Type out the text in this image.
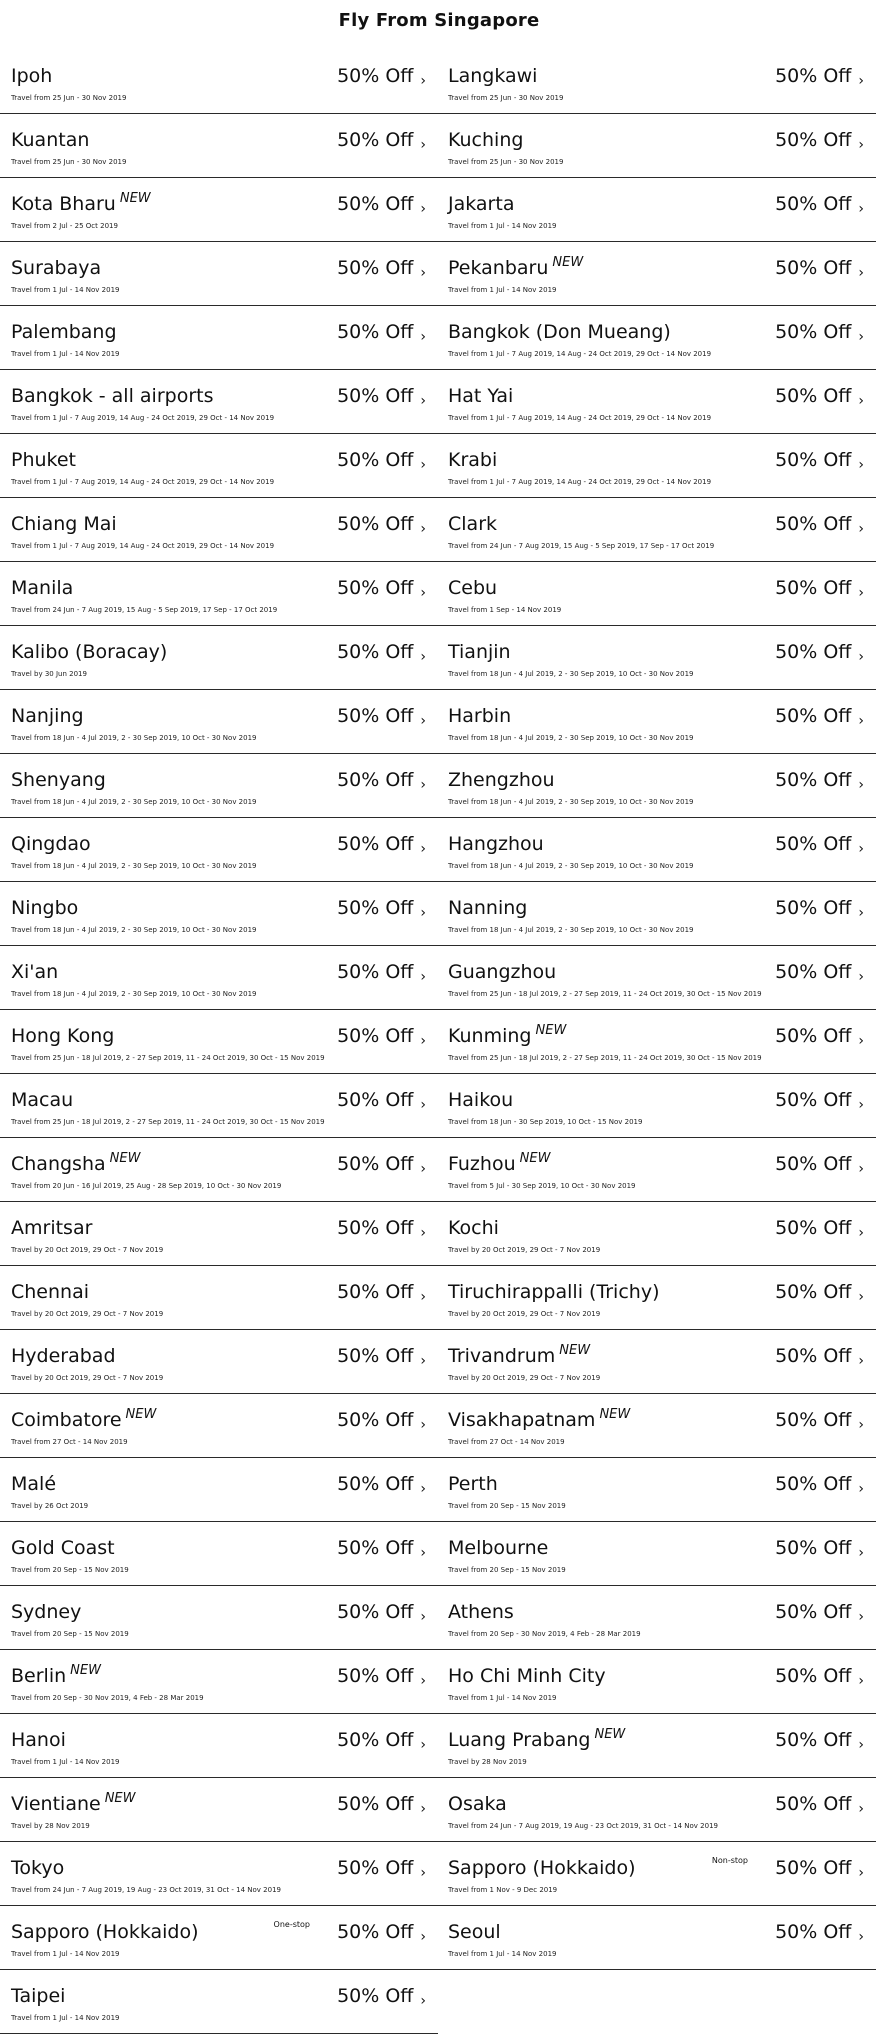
Fly From Singapore
Ipoh
Travel from 25 Jun - 30 Nov 2019
50% Off › Langkawi
Travel from 25 Jun - 30 Nov 2019
50% Off ›
Kuantan
Travel from 25 Jun - 30 Nov 2019
50% Off › Kuching
Travel from 25 Jun - 30 Nov 2019
50% Off ›
Kota Bharu $^{NEW}$
Travel from 2 Jul - 25 Oct 2019
50% Off › Jakarta
Travel from 1 Jul - 14 Nov 2019
50% Off ›
Surabaya
Travel from 1 Jul - 14 Nov 2019
50% Off › Pekanbaru $^{NEW}$
Travel from 1 Jul - 14 Nov 2019
50% Off ›
Palembang
Travel from 1 Jul - 14 Nov 2019
50% Off › Bangkok (Don Mueang)
Travel from 1 Jul - 7 Aug 2019, 14 Aug - 24 Oct 2019, 29 Oct - 14 Nov 2019
50% Off ›
Bangkok - all airports
Travel from 1 Jul - 7 Aug 2019, 14 Aug - 24 Oct 2019, 29 Oct - 14 Nov 2019
50% Off › Hat Yai
Travel from 1 Jul - 7 Aug 2019, 14 Aug - 24 Oct 2019, 29 Oct - 14 Nov 2019
50% Off ›
Phuket
Travel from 1 Jul - 7 Aug 2019, 14 Aug - 24 Oct 2019, 29 Oct - 14 Nov 2019
50% Off › Krabi
Travel from 1 Jul - 7 Aug 2019, 14 Aug - 24 Oct 2019, 29 Oct - 14 Nov 2019
50% Off ›
Chiang Mai
Travel from 1 Jul - 7 Aug 2019, 14 Aug - 24 Oct 2019, 29 Oct - 14 Nov 2019
50% Off › Clark
Travel from 24 Jun - 7 Aug 2019, 15 Aug - 5 Sep 2019, 17 Sep - 17 Oct 2019
50% Off ›
Manila
Travel from 24 Jun - 7 Aug 2019, 15 Aug - 5 Sep 2019, 17 Sep - 17 Oct 2019
50% Off › Cebu
Travel from 1 Sep - 14 Nov 2019
50% Off ›
Kalibo (Boracay)
Travel by 30 Jun 2019
50% Off › Tianjin
Travel from 18 Jun - 4 Jul 2019, 2 - 30 Sep 2019, 10 Oct - 30 Nov 2019
50% Off ›
Nanjing
Travel from 18 Jun - 4 Jul 2019, 2 - 30 Sep 2019, 10 Oct - 30 Nov 2019
50% Off › Harbin
Travel from 18 Jun - 4 Jul 2019, 2 - 30 Sep 2019, 10 Oct - 30 Nov 2019
50% Off ›
Shenyang
Travel from 18 Jun - 4 Jul 2019, 2 - 30 Sep 2019, 10 Oct - 30 Nov 2019
50% Off › Zhengzhou
Travel from 18 Jun - 4 Jul 2019, 2 - 30 Sep 2019, 10 Oct - 30 Nov 2019
50% Off ›
Qingdao
Travel from 18 Jun - 4 Jul 2019, 2 - 30 Sep 2019, 10 Oct - 30 Nov 2019
50% Off › Hangzhou
Travel from 18 Jun - 4 Jul 2019, 2 - 30 Sep 2019, 10 Oct - 30 Nov 2019
50% Off ›
Ningbo
Travel from 18 Jun - 4 Jul 2019, 2 - 30 Sep 2019, 10 Oct - 30 Nov 2019
50% Off › Nanning
Travel from 18 Jun - 4 Jul 2019, 2 - 30 Sep 2019, 10 Oct - 30 Nov 2019
50% Off ›
Xi'an
Travel from 18 Jun - 4 Jul 2019, 2 - 30 Sep 2019, 10 Oct - 30 Nov 2019
50% Off › Guangzhou
Travel from 25 Jun - 18 Jul 2019, 2 - 27 Sep 2019, 11 - 24 Oct 2019, 30 Oct - 15 Nov 2019
50% Off ›
Hong Kong
Travel from 25 Jun - 18 Jul 2019, 2 - 27 Sep 2019, 11 - 24 Oct 2019, 30 Oct - 15 Nov 2019
50% Off › Kunming $^{NEW}$
Travel from 25 Jun - 18 Jul 2019, 2 - 27 Sep 2019, 11 - 24 Oct 2019, 30 Oct - 15 Nov 2019
50% Off ›
Macau
Travel from 25 Jun - 18 Jul 2019, 2 - 27 Sep 2019, 11 - 24 Oct 2019, 30 Oct - 15 Nov 2019
50% Off › Haikou
Travel from 18 Jun - 30 Sep 2019, 10 Oct - 15 Nov 2019
50% Off ›
Changsha $^{NEW}$
Travel from 20 Jun - 16 Jul 2019, 25 Aug - 28 Sep 2019, 10 Oct - 30 Nov 2019
50% Off › Fuzhou $^{NEW}$
Travel from 5 Jul - 30 Sep 2019, 10 Oct - 30 Nov 2019
50% Off ›
Amritsar
Travel by 20 Oct 2019, 29 Oct - 7 Nov 2019
50% Off › Kochi
Travel by 20 Oct 2019, 29 Oct - 7 Nov 2019
50% Off ›
Chennai
Travel by 20 Oct 2019, 29 Oct - 7 Nov 2019
50% Off › Tiruchirappalli (Trichy)
Travel by 20 Oct 2019, 29 Oct - 7 Nov 2019
50% Off ›
Hyderabad
Travel by 20 Oct 2019, 29 Oct - 7 Nov 2019
50% Off › Trivandrum $^{NEW}$
Travel by 20 Oct 2019, 29 Oct - 7 Nov 2019
50% Off ›
Coimbatore $^{NEW}$
Travel from 27 Oct - 14 Nov 2019
50% Off › Visakhapatnam $^{NEW}$
Travel from 27 Oct - 14 Nov 2019
50% Off ›
Malé
Travel by 26 Oct 2019
50% Off › Perth
Travel from 20 Sep - 15 Nov 2019
50% Off ›
Gold Coast
Travel from 20 Sep - 15 Nov 2019
50% Off › Melbourne
Travel from 20 Sep - 15 Nov 2019
50% Off ›
Sydney
Travel from 20 Sep - 15 Nov 2019
50% Off › Athens
Travel from 20 Sep - 30 Nov 2019, 4 Feb - 28 Mar 2019
50% Off ›
Berlin $^{NEW}$
Travel from 20 Sep - 30 Nov 2019, 4 Feb - 28 Mar 2019
50% Off › Ho Chi Minh City
Travel from 1 Jul - 14 Nov 2019
50% Off ›
Hanoi
Travel from 1 Jul - 14 Nov 2019
50% Off › Luang Prabang $^{NEW}$
Travel by 28 Nov 2019
50% Off ›
Vientiane $^{NEW}$
Travel by 28 Nov 2019
50% Off › Osaka
Travel from 24 Jun - 7 Aug 2019, 19 Aug - 23 Oct 2019, 31 Oct - 14 Nov 2019
50% Off ›
Tokyo
Travel from 24 Jun - 7 Aug 2019, 19 Aug - 23 Oct 2019, 31 Oct - 14 Nov 2019
50% Off › Sapporo (Hokkaido)
Travel from 1 Nov - 9 Dec 2019
Non-stop 50% Off ›
Sapporo (Hokkaido)
Travel from 1 Jul - 14 Nov 2019
One-stop 50% Off › Seoul
Travel from 1 Jul - 14 Nov 2019
50% Off ›
Taipei
Travel from 1 Jul - 14 Nov 2019
50% Off ›
